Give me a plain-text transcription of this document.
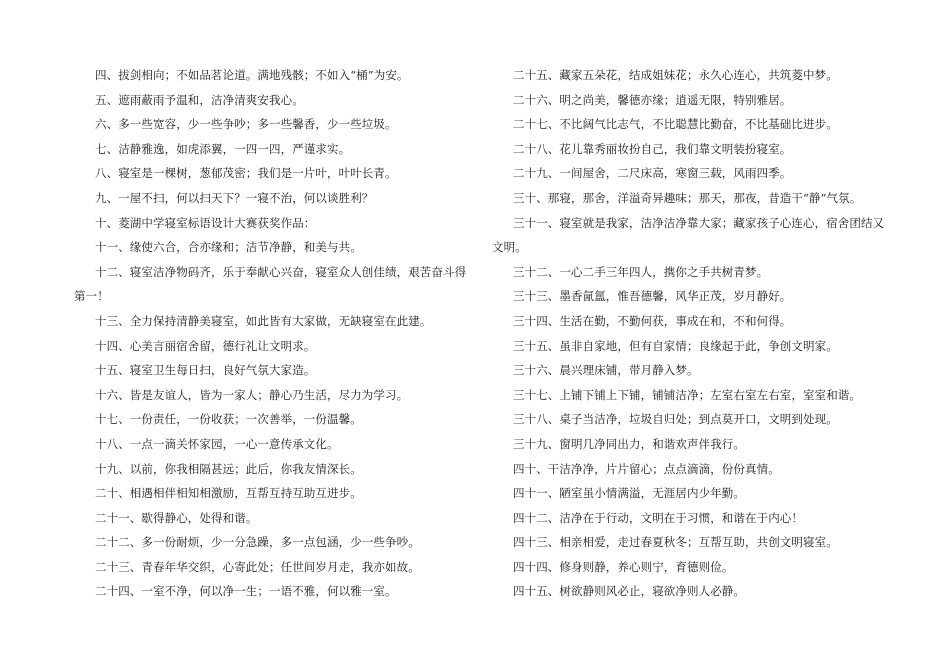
四、拔剑相向；不如品茗论道。满地残骸；不如入“桶”为安。
五、遮雨蔽雨予温和，洁净清爽安我心。
六、多一些宽容，少一些争吵；多一些馨香，少一些垃圾。
七、洁静雅逸，如虎添翼，一四一四，严谨求实。
八、寝室是一棵树，葱郁茂密；我们是一片叶，叶叶长青。
九、一屋不扫，何以扫天下？一寝不治，何以谈胜利？
十、菱湖中学寝室标语设计大赛获奖作品：
十一、缘使六合，合亦缘和；洁节净静，和美与共。
十二、寝室洁净物码齐，乐于奉献心兴奋，寝室众人创佳绩，艰苦奋斗得
第一！
十三、全力保持清静美寝室，如此皆有大家做，无缺寝室在此建。
十四、心美言丽宿舍留，德行礼让文明求。
十五、寝室卫生每日扫，良好气氛大家造。
十六、皆是友谊人，皆为一家人；静心乃生活，尽力为学习。
十七、一份责任，一份收获；一次善举，一份温馨。
十八、一点一滴关怀家园，一心一意传承文化。
十九、以前，你我相隔甚远；此后，你我友情深长。
二十、相遇相伴相知相激励，互帮互持互助互进步。
二十一、歇得静心，处得和谐。
二十二、多一份耐烦，少一分急躁，多一点包涵，少一些争吵。
二十三、青春年华交织，心寄此处；任世间岁月走，我亦如故。
二十四、一室不净，何以净一生；一语不雅，何以雅一室。
二十五、藏家五朵花，结成姐妹花；永久心连心，共筑菱中梦。
二十六、明之尚美，馨德亦缘；逍遥无限，特别雅居。
二十七、不比阔气比志气，不比聪慧比勤奋，不比基础比进步。
二十八、花儿靠秀丽妆扮自己，我们靠文明装扮寝室。
二十九、一间屋舍，二尺床高，寒窗三载，风雨四季。
三十、那寝，那舍，洋溢奇异趣味；那天，那夜，昔造干“静”气氛。
三十一、寝室就是我家，洁净洁净靠大家；藏家孩子心连心，宿舍团结又
文明。
三十二、一心二手三年四人，携你之手共树青梦。
三十三、墨香氤氲，惟吾德馨，风华正茂，岁月静好。
三十四、生活在勤，不勤何获，事成在和，不和何得。
三十五、虽非自家地，但有自家情；良缘起于此，争创文明家。
三十六、晨兴理床铺，带月静入梦。
三十七、上铺下铺上下铺，铺铺洁净；左室右室左右室，室室和谐。
三十八、桌子当洁净，垃圾自归处；到点莫开口，文明到处现。
三十九、窗明几净同出力，和谐欢声伴我行。
四十、干洁净净，片片留心；点点滴滴，份份真情。
四十一、陋室虽小情满溢，无涯居内少年勤。
四十二、洁净在于行动，文明在于习惯，和谐在于内心！
四十三、相亲相爱，走过春夏秋冬；互帮互助，共创文明寝室。
四十四、修身则静，养心则宁，育德则俭。
四十五、树欲静则风必止，寝欲净则人必静。
